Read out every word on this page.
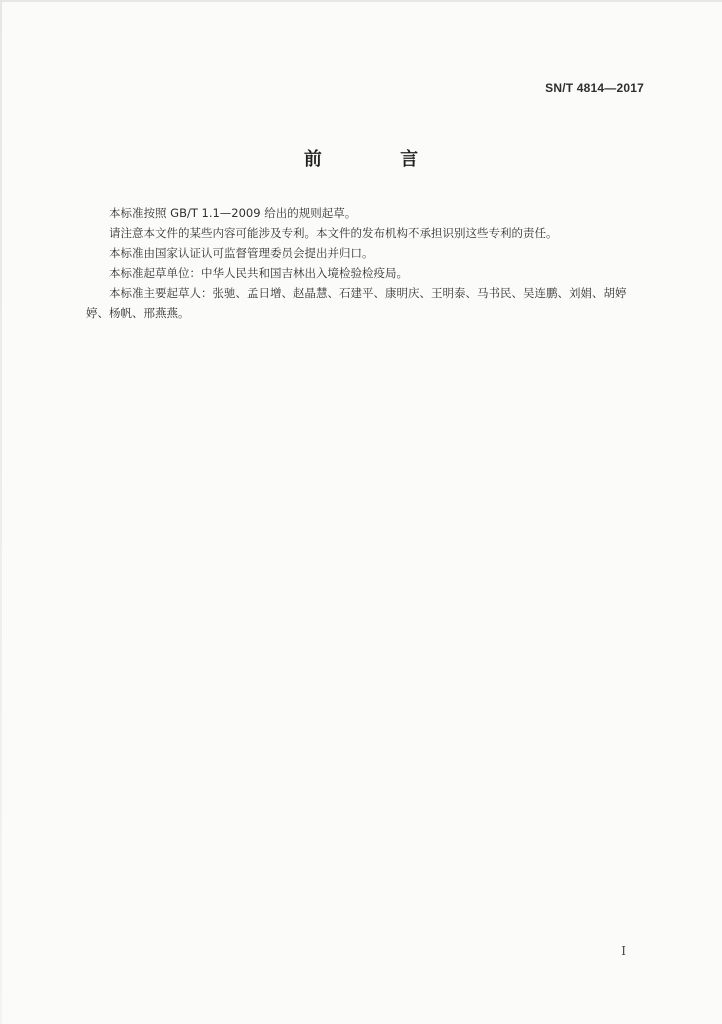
SN/T 4814—2017
前 言

本标准按照 GB/T 1.1—2009 给出的规则起草。

请注意本文件的某些内容可能涉及专利。本文件的发布机构不承担识别这些专利的责任。

本标准由国家认证认可监督管理委员会提出并归口。

本标准起草单位：中华人民共和国吉林出入境检验检疫局。

本标准主要起草人：张驰、孟日增、赵晶慧、石建平、康明庆、王明泰、马书民、吴连鹏、刘娟、胡婷婷、杨帆、邢燕燕。

I
